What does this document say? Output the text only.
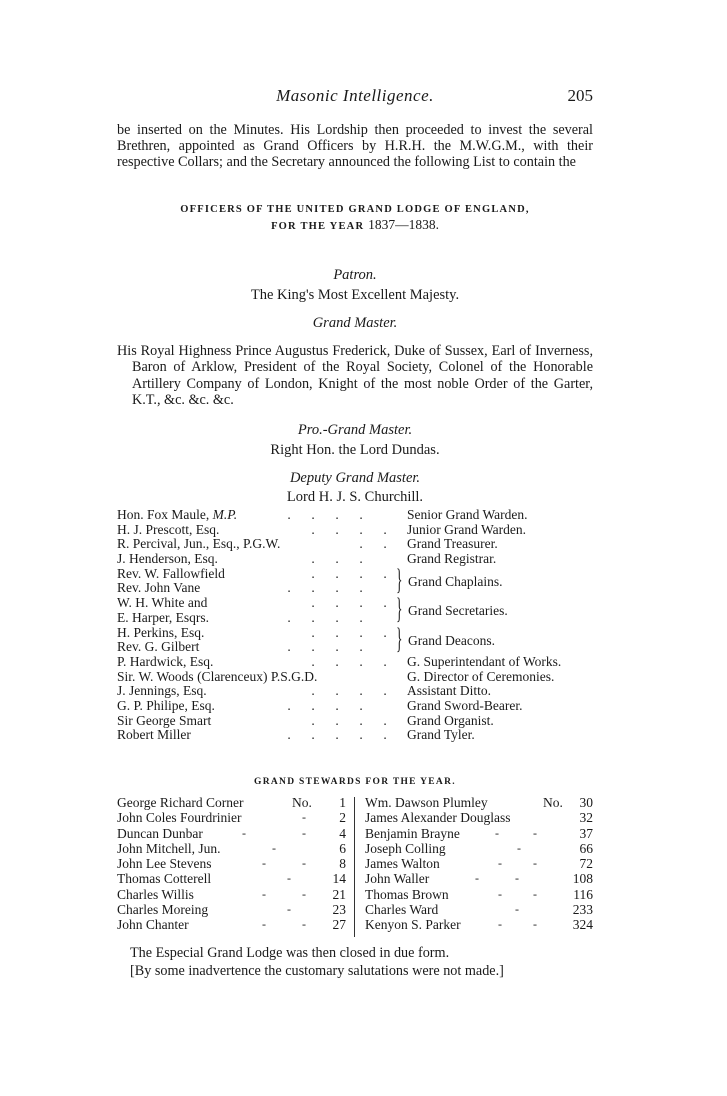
Masonic Intelligence.	205

be inserted on the Minutes. His Lordship then proceeded to invest the several Brethren, appointed as Grand Officers by H.R.H. the M.W.G.M., with their respective Collars; and the Secretary announced the following List to contain the

OFFICERS OF THE UNITED GRAND LODGE OF ENGLAND,
FOR THE YEAR 1837—1838.
Patron.
The King's Most Excellent Majesty.
Grand Master.
His Royal Highness Prince Augustus Frederick, Duke of Sussex, Earl of Inverness, Baron of Arklow, President of the Royal Society, Colonel of the Honorable Artillery Company of London, Knight of the most noble Order of the Garter, K.T., &c. &c. &c.
Pro.-Grand Master.
Right Hon. the Lord Dundas.
Deputy Grand Master.
Lord H. J. S. Churchill.
Hon. Fox Maule, M.P.	. . . .	Senior Grand Warden.
H. J. Prescott, Esq.	. . . .	Junior Grand Warden.
R. Percival, Jun., Esq., P.G.W.	. .	Grand Treasurer.
J. Henderson, Esq.	. . .	Grand Registrar.
Rev. W. Fallowfield	. . . .
Rev. John Vane	. . . .	} Grand Chaplains.
W. H. White and	. . . .
E. Harper, Esqrs.	. . . .	} Grand Secretaries.
H. Perkins, Esq.	. . . .
Rev. G. Gilbert	. . . .	} Grand Deacons.
P. Hardwick, Esq.	. . . .	G. Superintendant of Works.
Sir. W. Woods (Clarenceux) P.S.G.D.	G. Director of Ceremonies.
J. Jennings, Esq.	. . . .	Assistant Ditto.
G. P. Philipe, Esq.	. . . .	Grand Sword-Bearer.
Sir George Smart	. . . .	Grand Organist.
Robert Miller	. . . . .	Grand Tyler.
GRAND STEWARDS FOR THE YEAR.
George Richard Corner	No. 1
John Coles Fourdrinier	- 2
Duncan Dunbar	-	- 4
John Mitchell, Jun.	-	6
John Lee Stevens	-	- 8
Thomas Cotterell	-	14
Charles Willis	-	- 21
Charles Moreing	-	23
John Chanter	-	- 27
Wm. Dawson Plumley	No. 30
James Alexander Douglass	32
Benjamin Brayne	-	-	37
Joseph Colling	-	66
James Walton	-	-	72
John Waller	-	-	108
Thomas Brown	-	-	116
Charles Ward	-	233
Kenyon S. Parker	-	-	324

The Especial Grand Lodge was then closed in due form.

[By some inadvertence the customary salutations were not made.]
